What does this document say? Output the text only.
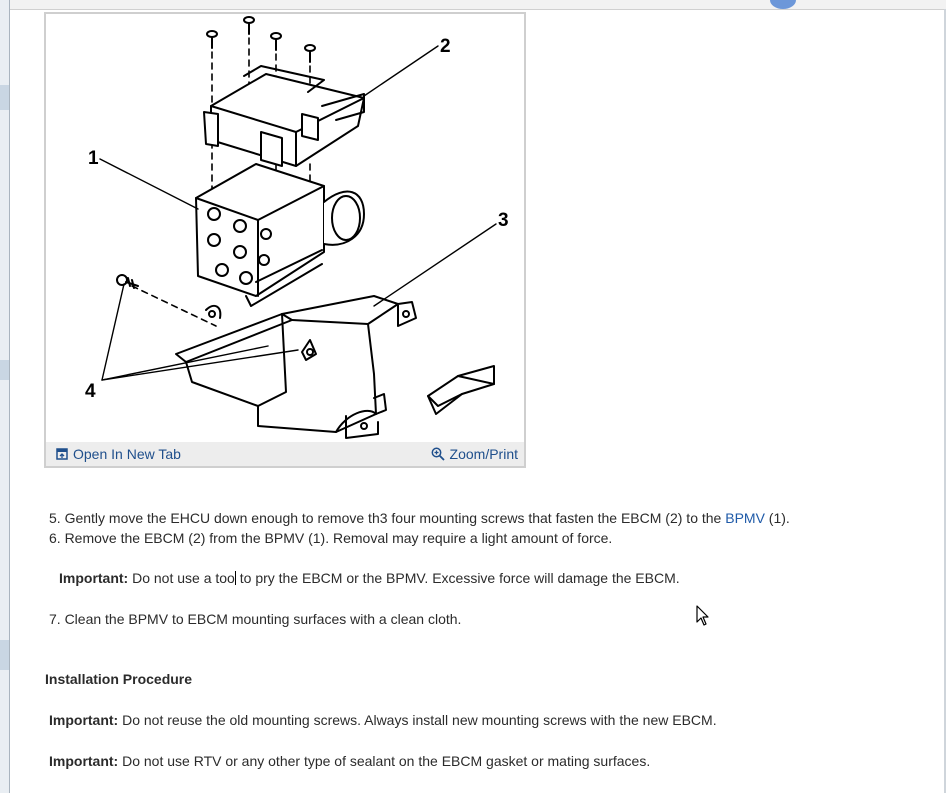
1
2
3
4
Open In New Tab	Zoom/Print
5. Gently move the EHCU down enough to remove th3 four mounting screws that fasten the EBCM (2) to the BPMV (1).
6. Remove the EBCM (2) from the BPMV (1). Removal may require a light amount of force.
Important: Do not use a too to pry the EBCM or the BPMV. Excessive force will damage the EBCM.
7. Clean the BPMV to EBCM mounting surfaces with a clean cloth.
Installation Procedure
Important: Do not reuse the old mounting screws. Always install new mounting screws with the new EBCM.
Important: Do not use RTV or any other type of sealant on the EBCM gasket or mating surfaces.
